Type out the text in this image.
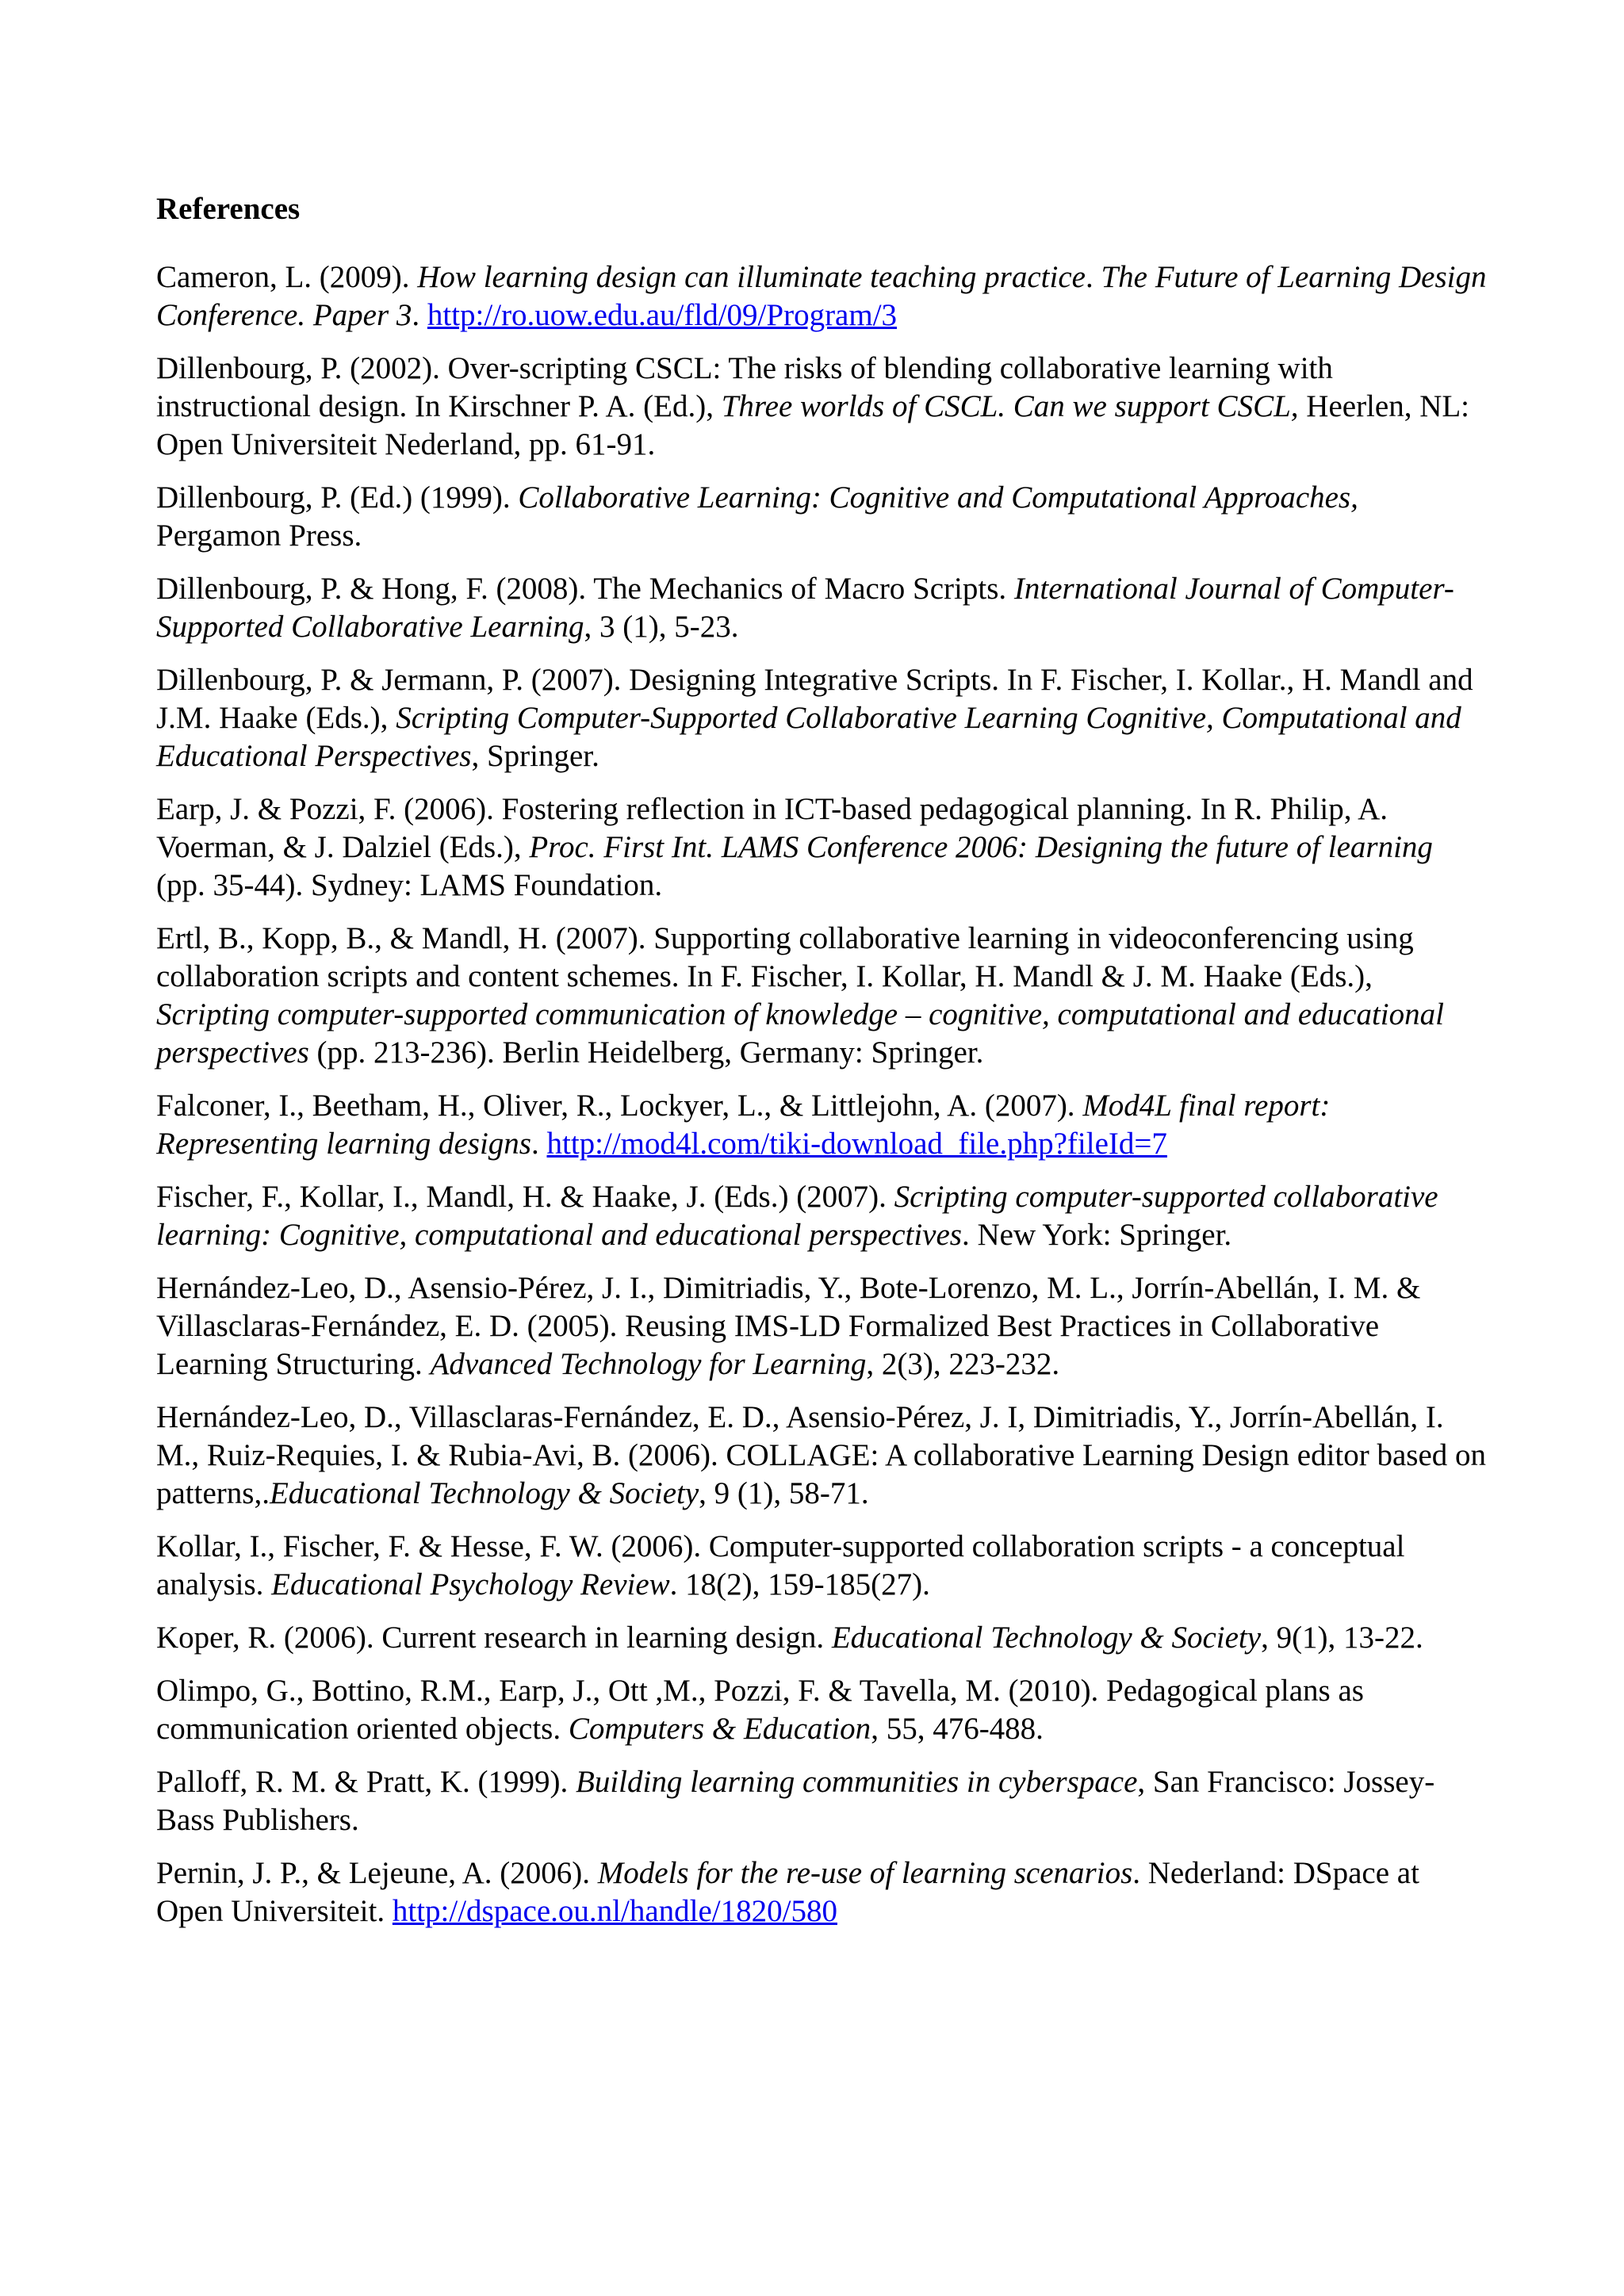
References

Cameron, L. (2009). How learning design can illuminate teaching practice. The Future of Learning Design Conference. Paper 3. http://ro.uow.edu.au/fld/09/Program/3

Dillenbourg, P. (2002). Over-scripting CSCL: The risks of blending collaborative learning with instructional design. In Kirschner P. A. (Ed.), Three worlds of CSCL. Can we support CSCL, Heerlen, NL: Open Universiteit Nederland, pp. 61-91.

Dillenbourg, P. (Ed.) (1999). Collaborative Learning: Cognitive and Computational Approaches, Pergamon Press.

Dillenbourg, P. & Hong, F. (2008). The Mechanics of Macro Scripts. International Journal of Computer-Supported Collaborative Learning, 3 (1), 5-23.

Dillenbourg, P. & Jermann, P. (2007). Designing Integrative Scripts. In F. Fischer, I. Kollar., H. Mandl and J.M. Haake (Eds.), Scripting Computer-Supported Collaborative Learning Cognitive, Computational and Educational Perspectives, Springer.

Earp, J. & Pozzi, F. (2006). Fostering reflection in ICT-based pedagogical planning. In R. Philip, A. Voerman, & J. Dalziel (Eds.), Proc. First Int. LAMS Conference 2006: Designing the future of learning (pp. 35-44). Sydney: LAMS Foundation.

Ertl, B., Kopp, B., & Mandl, H. (2007). Supporting collaborative learning in videoconferencing using collaboration scripts and content schemes. In F. Fischer, I. Kollar, H. Mandl & J. M. Haake (Eds.), Scripting computer-supported communication of knowledge – cognitive, computational and educational perspectives (pp. 213-236). Berlin Heidelberg, Germany: Springer.

Falconer, I., Beetham, H., Oliver, R., Lockyer, L., & Littlejohn, A. (2007). Mod4L final report: Representing learning designs. http://mod4l.com/tiki-download_file.php?fileId=7

Fischer, F., Kollar, I., Mandl, H. & Haake, J. (Eds.) (2007). Scripting computer-supported collaborative learning: Cognitive, computational and educational perspectives. New York: Springer.

Hernández-Leo, D., Asensio-Pérez, J. I., Dimitriadis, Y., Bote-Lorenzo, M. L., Jorrín-Abellán, I. M. & Villasclaras-Fernández, E. D. (2005). Reusing IMS-LD Formalized Best Practices in Collaborative Learning Structuring. Advanced Technology for Learning, 2(3), 223-232.

Hernández-Leo, D., Villasclaras-Fernández, E. D., Asensio-Pérez, J. I, Dimitriadis, Y., Jorrín-Abellán, I. M., Ruiz-Requies, I. & Rubia-Avi, B. (2006). COLLAGE: A collaborative Learning Design editor based on patterns,.Educational Technology & Society, 9 (1), 58-71.

Kollar, I., Fischer, F. & Hesse, F. W. (2006). Computer-supported collaboration scripts - a conceptual analysis. Educational Psychology Review. 18(2), 159-185(27).

Koper, R. (2006). Current research in learning design. Educational Technology & Society, 9(1), 13-22.

Olimpo, G., Bottino, R.M., Earp, J., Ott ,M., Pozzi, F. & Tavella, M. (2010). Pedagogical plans as communication oriented objects. Computers & Education, 55, 476-488.

Palloff, R. M. & Pratt, K. (1999). Building learning communities in cyberspace, San Francisco: Jossey-Bass Publishers.

Pernin, J. P., & Lejeune, A. (2006). Models for the re-use of learning scenarios. Nederland: DSpace at Open Universiteit. http://dspace.ou.nl/handle/1820/580
